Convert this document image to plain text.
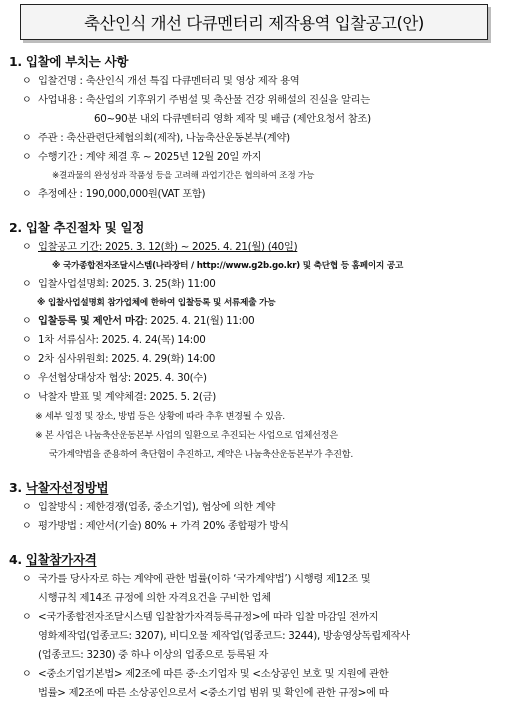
축산인식 개선 다큐멘터리 제작용역 입찰공고(안)
1. 입찰에 부치는 사항
ㅇ 입찰건명 : 축산인식 개선 특집 다큐멘터리 및 영상 제작 용역
ㅇ 사업내용 : 축산업의 기후위기 주범설 및 축산물 건강 위해설의 진실을 알리는
60~90분 내외 다큐멘터리 영화 제작 및 배급 (제안요청서 참조)
ㅇ 주관 : 축산관련단체협의회(제작), 나눔축산운동본부(계약)
ㅇ 수행기간 : 계약 체결 후 ~ 2025년 12월 20일 까지
※결과물의 완성성과 작품성 등을 고려해 과업기간은 협의하여 조정 가능
ㅇ 추정예산 : 190,000,000원(VAT 포함)
2. 입찰 추진절차 및 일정
ㅇ 입찰공고 기간: 2025. 3. 12(화) ~ 2025. 4. 21(월) (40일)
※ 국가종합전자조달시스템(나라장터 / http://www.g2b.go.kr) 및 축단협 등 홈페이지 공고
ㅇ 입찰사업설명회: 2025. 3. 25(화) 11:00
※ 입찰사업설명회 참가업체에 한하여 입찰등록 및 서류제출 가능
ㅇ 입찰등록 및 제안서 마감: 2025. 4. 21(월) 11:00
ㅇ 1차 서류심사: 2025. 4. 24(목) 14:00
ㅇ 2차 심사위원회: 2025. 4. 29(화) 14:00
ㅇ 우선협상대상자 협상: 2025. 4. 30(수)
ㅇ 낙찰자 발표 및 계약체결: 2025. 5. 2(금)
※ 세부 일정 및 장소, 방법 등은 상황에 따라 추후 변경될 수 있음.
※ 본 사업은 나눔축산운동본부 사업의 일환으로 추진되는 사업으로 업체선정은
국가계약법을 준용하여 축단협이 추진하고, 계약은 나눔축산운동본부가 추진함.
3. 낙찰자선정방법
ㅇ 입찰방식 : 제한경쟁(업종, 중소기업), 협상에 의한 계약
ㅇ 평가방법 : 제안서(기술) 80% + 가격 20% 종합평가 방식
4. 입찰참가자격
ㅇ 국가를 당사자로 하는 계약에 관한 법률(이하 ‘국가계약법’) 시행령 제12조 및
시행규칙 제14조 규정에 의한 자격요건을 구비한 업체
ㅇ <국가종합전자조달시스템 입찰참가자격등록규정>에 따라 입찰 마감일 전까지
영화제작업(업종코드: 3207), 비디오물 제작업(업종코드: 3244), 방송영상독립제작사
(업종코드: 3230) 중 하나 이상의 업종으로 등록된 자
ㅇ <중소기업기본법> 제2조에 따른 중·소기업자 및 <소상공인 보호 및 지원에 관한
법률> 제2조에 따른 소상공인으로서 <중소기업 범위 및 확인에 관한 규정>에 따
